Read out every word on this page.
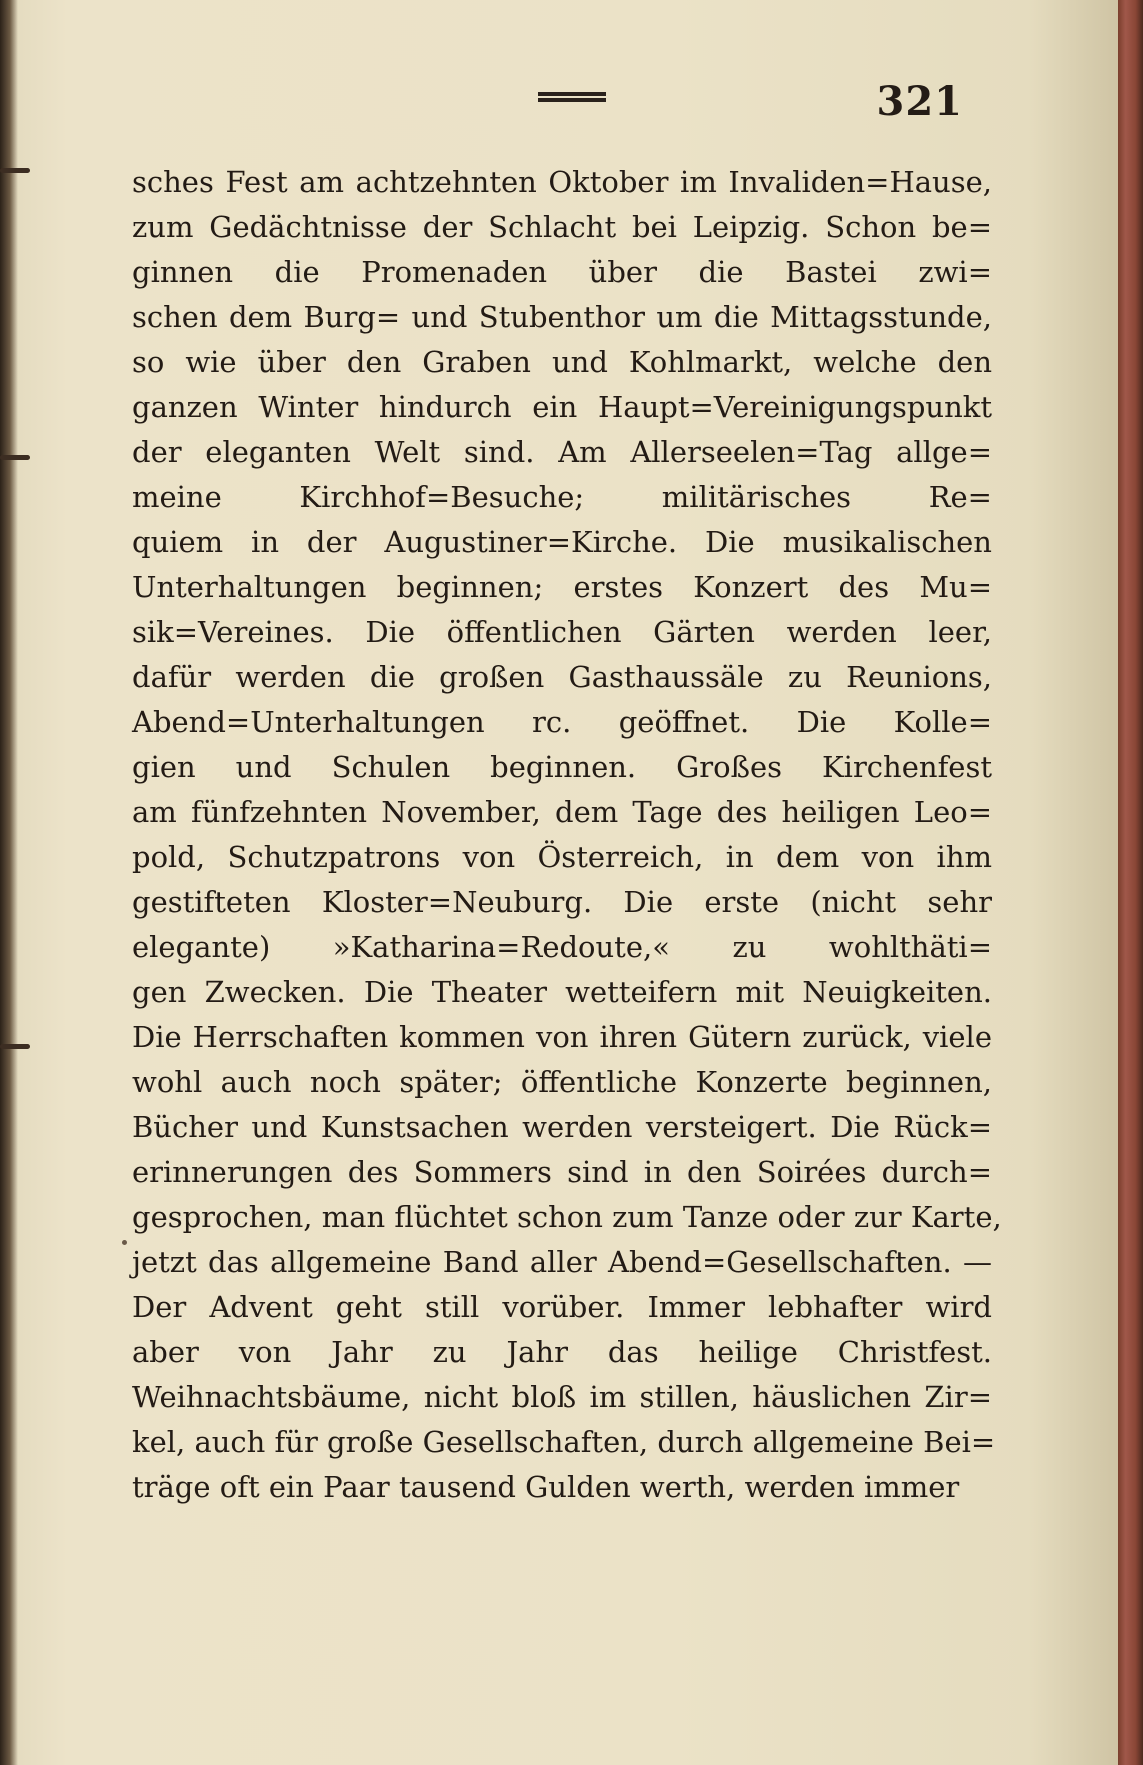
321
sches Fest am achtzehnten Oktober im Invaliden=Hause,
zum Gedächtnisse der Schlacht bei Leipzig. Schon be=
ginnen die Promenaden über die Bastei zwi=
schen dem Burg= und Stubenthor um die Mittagsstunde,
so wie über den Graben und Kohlmarkt, welche den
ganzen Winter hindurch ein Haupt=Vereinigungspunkt
der eleganten Welt sind. Am Allerseelen=Tag allge=
meine Kirchhof=Besuche; militärisches Re=
quiem in der Augustiner=Kirche. Die musikalischen
Unterhaltungen beginnen; erstes Konzert des Mu=
sik=Vereines. Die öffentlichen Gärten werden leer,
dafür werden die großen Gasthaussäle zu Reunions,
Abend=Unterhaltungen rc. geöffnet. Die Kolle=
gien und Schulen beginnen. Großes Kirchenfest
am fünfzehnten November, dem Tage des heiligen Leo=
pold, Schutzpatrons von Österreich, in dem von ihm
gestifteten Kloster=Neuburg. Die erste (nicht sehr
elegante) »Katharina=Redoute,« zu wohlthäti=
gen Zwecken. Die Theater wetteifern mit Neuigkeiten.
Die Herrschaften kommen von ihren Gütern zurück, viele
wohl auch noch später; öffentliche Konzerte beginnen,
Bücher und Kunstsachen werden versteigert. Die Rück=
erinnerungen des Sommers sind in den Soirées durch=
gesprochen, man flüchtet schon zum Tanze oder zur Karte,
jetzt das allgemeine Band aller Abend=Gesellschaften. —
Der Advent geht still vorüber. Immer lebhafter wird
aber von Jahr zu Jahr das heilige Christfest.
Weihnachtsbäume, nicht bloß im stillen, häuslichen Zir=
kel, auch für große Gesellschaften, durch allgemeine Bei=
träge oft ein Paar tausend Gulden werth, werden immer
